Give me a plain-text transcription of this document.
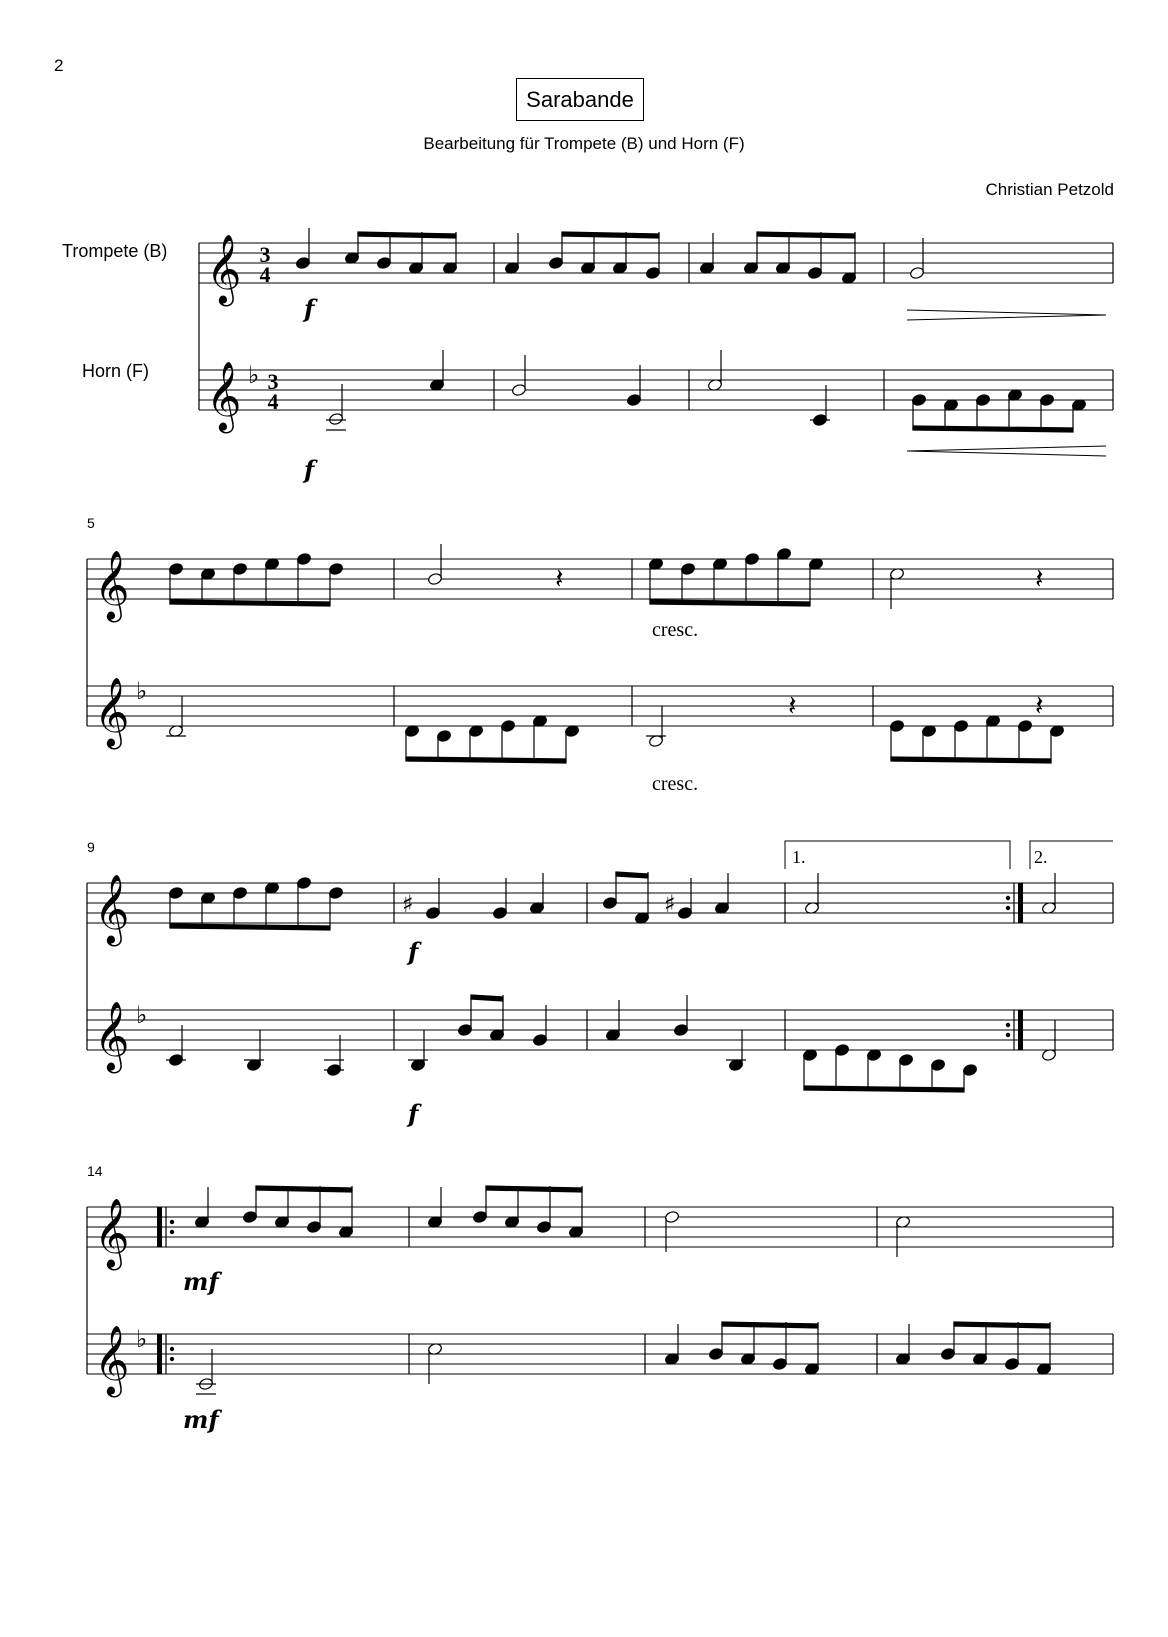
2
Sarabande
Bearbeitung für Trompete (B) und Horn (F)
Christian Petzold
Trompete (B)
Horn (F)
𝄞
𝄞
𝄞
𝄞
𝄞
𝄞
𝄞
𝄞
♭
♭
♭
♭
3
4
3
4
5
9
14
1.	2.
f
f
f
f
mf
mf
cresc.
cresc.
𝄽	𝄽
𝄽	𝄽
♯	♯
